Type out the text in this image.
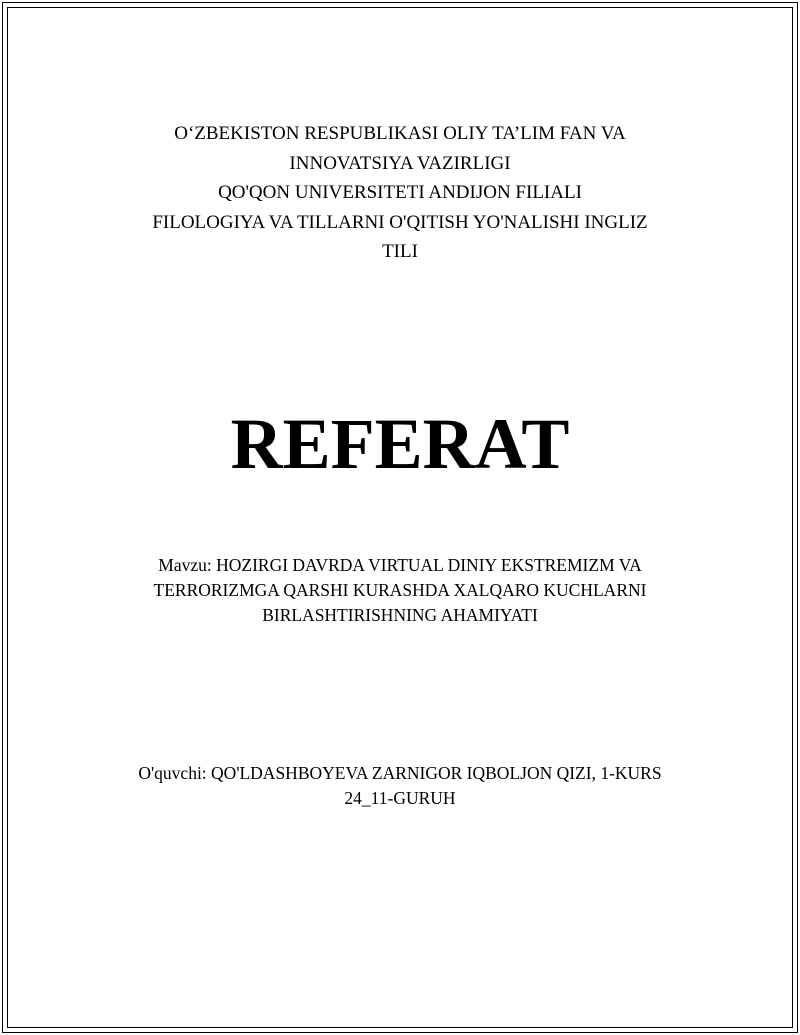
O‘ZBEKISTON RESPUBLIKASI OLIY TA’LIM FAN VA
INNOVATSIYA VAZIRLIGI
QO'QON UNIVERSITETI ANDIJON FILIALI
FILOLOGIYA VA TILLARNI O'QITISH YO'NALISHI INGLIZ
TILI
REFERAT
Mavzu: HOZIRGI DAVRDA VIRTUAL DINIY EKSTREMIZM VA
TERRORIZMGA QARSHI KURASHDA XALQARO KUCHLARNI
BIRLASHTIRISHNING AHAMIYATI
O'quvchi: QO'LDASHBOYEVA ZARNIGOR IQBOLJON QIZI, 1-KURS
24_11-GURUH
